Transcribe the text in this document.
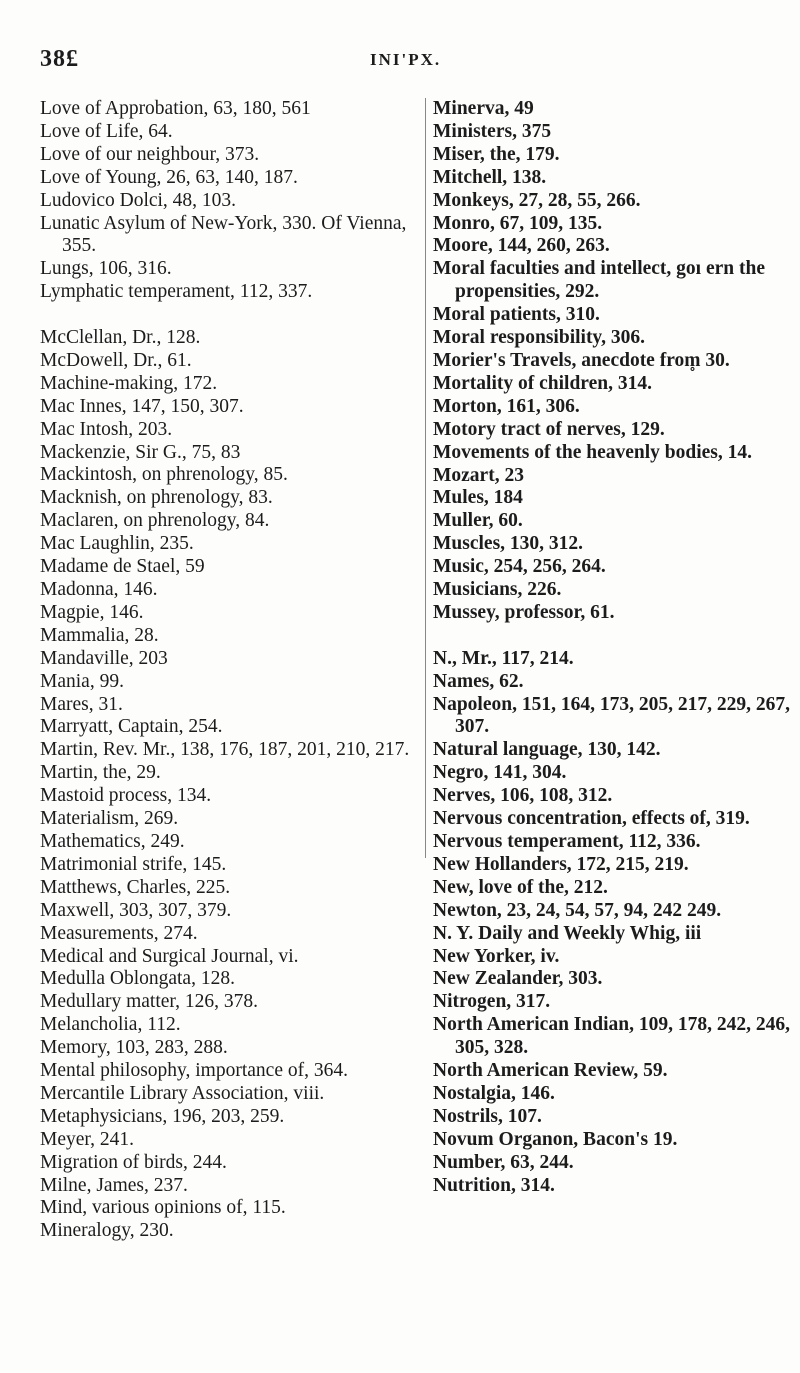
38£	INI'PX.

Love of Approbation, 63, 180, 561

Love of Life, 64.

Love of our neighbour, 373.

Love of Young, 26, 63, 140, 187.

Ludovico Dolci, 48, 103.

Lunatic Asylum of New-York, 330. Of Vienna, 355.

Lungs, 106, 316.

Lymphatic temperament, 112, 337.

McClellan, Dr., 128.

McDowell, Dr., 61.

Machine-making, 172.

Mac Innes, 147, 150, 307.

Mac Intosh, 203.

Mackenzie, Sir G., 75, 83

Mackintosh, on phrenology, 85.

Macknish, on phrenology, 83.

Maclaren, on phrenology, 84.

Mac Laughlin, 235.

Madame de Stael, 59

Madonna, 146.

Magpie, 146.

Mammalia, 28.

Mandaville, 203

Mania, 99.

Mares, 31.

Marryatt, Captain, 254.

Martin, Rev. Mr., 138, 176, 187, 201, 210, 217.

Martin, the, 29.

Mastoid process, 134.

Materialism, 269.

Mathematics, 249.

Matrimonial strife, 145.

Matthews, Charles, 225.

Maxwell, 303, 307, 379.

Measurements, 274.

Medical and Surgical Journal, vi.

Medulla Oblongata, 128.

Medullary matter, 126, 378.

Melancholia, 112.

Memory, 103, 283, 288.

Mental philosophy, importance of, 364.

Mercantile Library Association, viii.

Metaphysicians, 196, 203, 259.

Meyer, 241.

Migration of birds, 244.

Milne, James, 237.

Mind, various opinions of, 115.

Mineralogy, 230.

Minerva, 49

Ministers, 375

Miser, the, 179.

Mitchell, 138.

Monkeys, 27, 28, 55, 266.

Monro, 67, 109, 135.

Moore, 144, 260, 263.

Moral faculties and intellect, goı ern the propensities, 292.

Moral patients, 310.

Moral responsibility, 306.

Morier's Travels, anecdote from̥ 30.

Mortality of children, 314.

Morton, 161, 306.

Motory tract of nerves, 129.

Movements of the heavenly bodies, 14.

Mozart, 23

Mules, 184

Muller, 60.

Muscles, 130, 312.

Music, 254, 256, 264.

Musicians, 226.

Mussey, professor, 61.

N., Mr., 117, 214.

Names, 62.

Napoleon, 151, 164, 173, 205, 217, 229, 267, 307.

Natural language, 130, 142.

Negro, 141, 304.

Nerves, 106, 108, 312.

Nervous concentration, effects of, 319.

Nervous temperament, 112, 336.

New Hollanders, 172, 215, 219.

New, love of the, 212.

Newton, 23, 24, 54, 57, 94, 242 249.

N. Y. Daily and Weekly Whig, iii

New Yorker, iv.

New Zealander, 303.

Nitrogen, 317.

North American Indian, 109, 178, 242, 246, 305, 328.

North American Review, 59.

Nostalgia, 146.

Nostrils, 107.

Novum Organon, Bacon's 19.

Number, 63, 244.

Nutrition, 314.
